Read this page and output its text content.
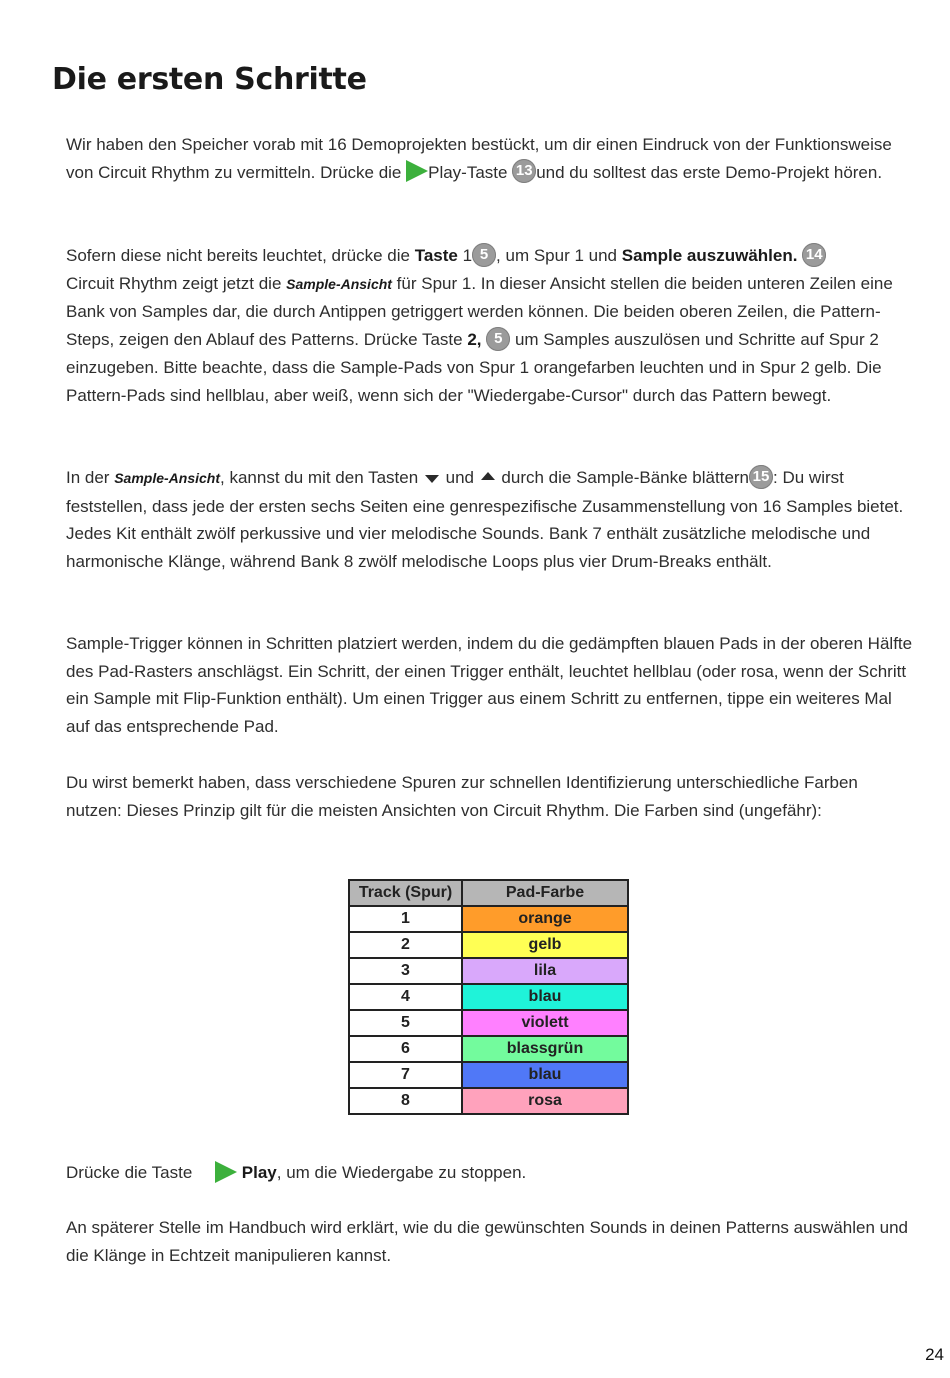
Die ersten Schritte

Wir haben den Speicher vorab mit 16 Demoprojekten bestückt, um dir einen Eindruck von der Funktionsweise von Circuit Rhythm zu vermitteln. Drücke die Play-Taste 13 und du solltest das erste Demo-Projekt hören.

Sofern diese nicht bereits leuchtet, drücke die Taste 1 5 , um Spur 1 und Sample auszuwählen. 14
Circuit Rhythm zeigt jetzt die Sample-Ansicht für Spur 1. In dieser Ansicht stellen die beiden unteren Zeilen eine Bank von Samples dar, die durch Antippen getriggert werden können. Die beiden oberen Zeilen, die Pattern-Steps, zeigen den Ablauf des Patterns. Drücke Taste 2, 5 um Samples auszulösen und Schritte auf Spur 2 einzugeben. Bitte beachte, dass die Sample-Pads von Spur 1 orangefarben leuchten und in Spur 2 gelb. Die Pattern-Pads sind hellblau, aber weiß, wenn sich der "Wiedergabe-Cursor" durch das Pattern bewegt.

In der Sample-Ansicht, kannst du mit den Tasten  und  durch die Sample-Bänke blättern 15 : Du wirst feststellen, dass jede der ersten sechs Seiten eine genrespezifische Zusammenstellung von 16 Samples bietet. Jedes Kit enthält zwölf perkussive und vier melodische Sounds. Bank 7 enthält zusätzliche melodische und harmonische Klänge, während Bank 8 zwölf melodische Loops plus vier Drum-Breaks enthält.

Sample-Trigger können in Schritten platziert werden, indem du die gedämpften blauen Pads in der oberen Hälfte des Pad-Rasters anschlägst. Ein Schritt, der einen Trigger enthält, leuchtet hellblau (oder rosa, wenn der Schritt ein Sample mit Flip-Funktion enthält). Um einen Trigger aus einem Schritt zu entfernen, tippe ein weiteres Mal auf das entsprechende Pad.

Du wirst bemerkt haben, dass verschiedene Spuren zur schnellen Identifizierung unterschiedliche Farben nutzen: Dieses Prinzip gilt für die meisten Ansichten von Circuit Rhythm. Die Farben sind (ungefähr):

Track (Spur)	Pad-Farbe
1	orange
2	gelb
3	lila
4	blau
5	violett
6	blassgrün
7	blau
8	rosa

Drücke die Taste	Play, um die Wiedergabe zu stoppen.

An späterer Stelle im Handbuch wird erklärt, wie du die gewünschten Sounds in deinen Patterns auswählen und die Klänge in Echtzeit manipulieren kannst.

24
